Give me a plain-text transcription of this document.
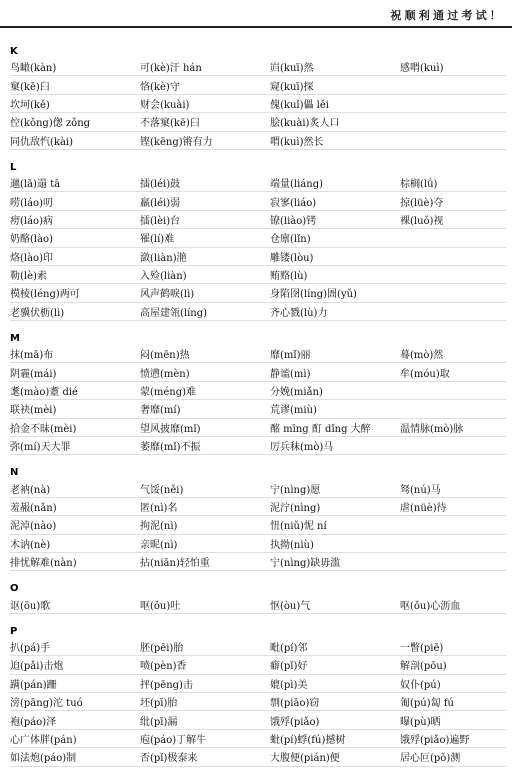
祝顺利通过考试！
K
鸟瞰(kàn)	可(kè)汗 hán	岿(kuī)然	感喟(kuì)
窠(kē)臼	恪(kè)守	窥(kuī)探
坎坷(kě)	财会(kuài)	傀(kuǐ)儡 lěi
倥(kǒng)偬 zǒng	不落窠(kē)臼	脍(kuài)炙人口
同仇敌忾(kài)	铿(kēng)锵有力	喟(kuì)然长
L
邋(lā)遢 tā	擂(léi)鼓	端量(liáng)	棕榈(lǘ)
唠(láo)叨	羸(léi)弱	寂寥(liáo)	掠(lüè)夺
痨(láo)病	擂(lèi)台	镣(liào)铐	裸(luǒ)视
奶酪(lào)	罹(lí)难	仓廪(lǐn)
烙(lào)印	潋(liàn)滟	雕镂(lòu)
勒(lè)索	入殓(liàn)	贿赂(lù)
模棱(léng)两可	风声鹤唳(lì)	身陷囹(líng)圄(yǔ)
老骥伏枥(lì)	高屋建瓴(líng)	齐心戮(lù)力
M
抹(mā)布	闷(mēn)热	靡(mǐ)丽	蓦(mò)然
阴霾(mái)	愤懑(mèn)	静谧(mì)	牟(móu)取
耄(mào)耋 dié	蒙(méng)难	分娩(miǎn)
联袂(mèi)	奢靡(mí)	荒谬(miù)
拾金不昧(mèi)	望风披靡(mǐ)	酩 mīng 酊 dǐng 大醉	温情脉(mò)脉
弥(mí)天大罪	萎靡(mǐ)不振	厉兵秣(mò)马
N
老衲(nà)	气馁(něi)	宁(nìng)愿	驽(nú)马
羞赧(nǎn)	匿(nì)名	泥泞(nìng)	虐(nüè)待
泥淖(nào)	拘泥(nì)	忸(niǔ)怩 ní
木讷(nè)	亲昵(nì)	执拗(niù)
排忧解难(nàn)	拈(niān)轻怕重	宁(nìng)缺毋滥
O
讴(ōu)歌	呕(ǒu)吐	怄(òu)气	呕(ǒu)心沥血
P
扒(pá)手	胚(pēi)胎	毗(pí)邻	一瞥(piē)
迫(pǎi)击炮	喷(pèn)香	癖(pǐ)好	解剖(pōu)
蹒(pán)跚	抨(pēng)击	媲(pì)美	奴仆(pú)
滂(pāng)沱 tuó	坯(pī)胎	剽(piāo)窃	匍(pú)匐 fú
袍(páo)泽	纰(pī)漏	饿殍(piǎo)	曝(pù)晒
心广体胖(pán)	庖(páo)丁解牛	蚍(pí)蜉(fú)撼树	饿殍(piǎo)遍野
如法炮(páo)制	否(pǐ)极泰来	大腹便(pián)便	居心叵(pǒ)测
